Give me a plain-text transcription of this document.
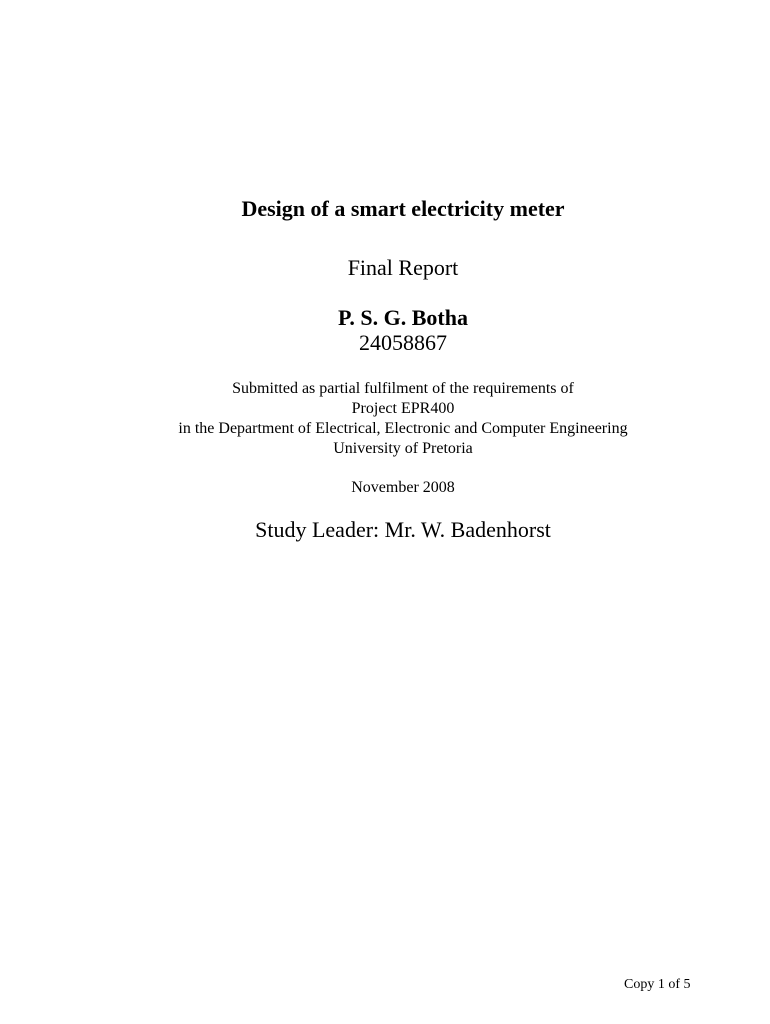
Design of a smart electricity meter

Final Report

P. S. G. Botha

24058867

Submitted as partial fulfilment of the requirements of

Project EPR400

in the Department of Electrical, Electronic and Computer Engineering

University of Pretoria

November 2008

Study Leader: Mr. W. Badenhorst

Copy 1 of 5
